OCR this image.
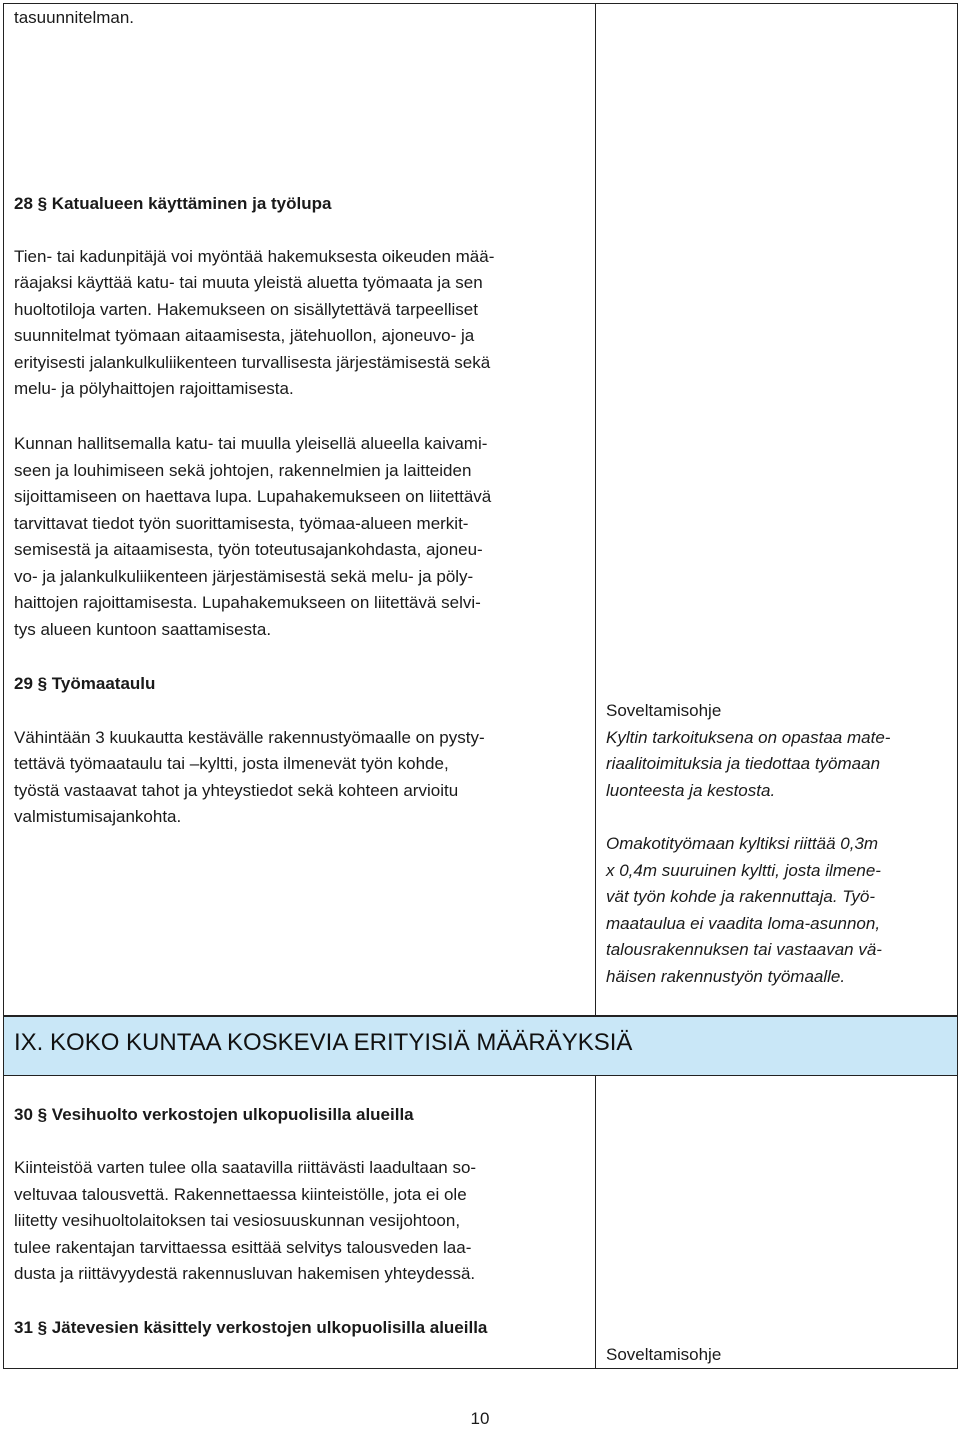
tasuunnitelman.

28 § Katualueen käyttäminen ja työlupa

Tien- tai kadunpitäjä voi myöntää hakemuksesta oikeuden mää-

räajaksi käyttää katu- tai muuta yleistä aluetta työmaata ja sen

huoltotiloja varten. Hakemukseen on sisällytettävä tarpeelliset

suunnitelmat työmaan aitaamisesta, jätehuollon, ajoneuvo- ja

erityisesti jalankulkuliikenteen turvallisesta järjestämisestä sekä

melu- ja pölyhaittojen rajoittamisesta.

Kunnan hallitsemalla katu- tai muulla yleisellä alueella kaivami-

seen ja louhimiseen sekä johtojen, rakennelmien ja laitteiden

sijoittamiseen on haettava lupa. Lupahakemukseen on liitettävä

tarvittavat tiedot työn suorittamisesta, työmaa-alueen merkit-

semisestä ja aitaamisesta, työn toteutusajankohdasta, ajoneu-

vo- ja jalankulkuliikenteen järjestämisestä sekä melu- ja pöly-

haittojen rajoittamisesta. Lupahakemukseen on liitettävä selvi-

tys alueen kuntoon saattamisesta.

29 § Työmaataulu

Vähintään 3 kuukautta kestävälle rakennustyömaalle on pysty-

tettävä työmaataulu tai –kyltti, josta ilmenevät työn kohde,

työstä vastaavat tahot ja yhteystiedot sekä kohteen arvioitu

valmistumisajankohta.

Soveltamisohje

Kyltin tarkoituksena on opastaa mate-

riaalitoimituksia ja tiedottaa työmaan

luonteesta ja kestosta.

Omakotityömaan kyltiksi riittää 0,3m

x 0,4m suuruinen kyltti, josta ilmene-

vät työn kohde ja rakennuttaja. Työ-

maataulua ei vaadita loma-asunnon,

talousrakennuksen tai vastaavan vä-

häisen rakennustyön työmaalle.

IX. KOKO KUNTAA KOSKEVIA ERITYISIÄ MÄÄRÄYKSIÄ

30 § Vesihuolto verkostojen ulkopuolisilla alueilla

Kiinteistöä varten tulee olla saatavilla riittävästi laadultaan so-

veltuvaa talousvettä. Rakennettaessa kiinteistölle, jota ei ole

liitetty vesihuoltolaitoksen tai vesiosuuskunnan vesijohtoon,

tulee rakentajan tarvittaessa esittää selvitys talousveden laa-

dusta ja riittävyydestä rakennusluvan hakemisen yhteydessä.

31 § Jätevesien käsittely verkostojen ulkopuolisilla alueilla

Soveltamisohje

10
